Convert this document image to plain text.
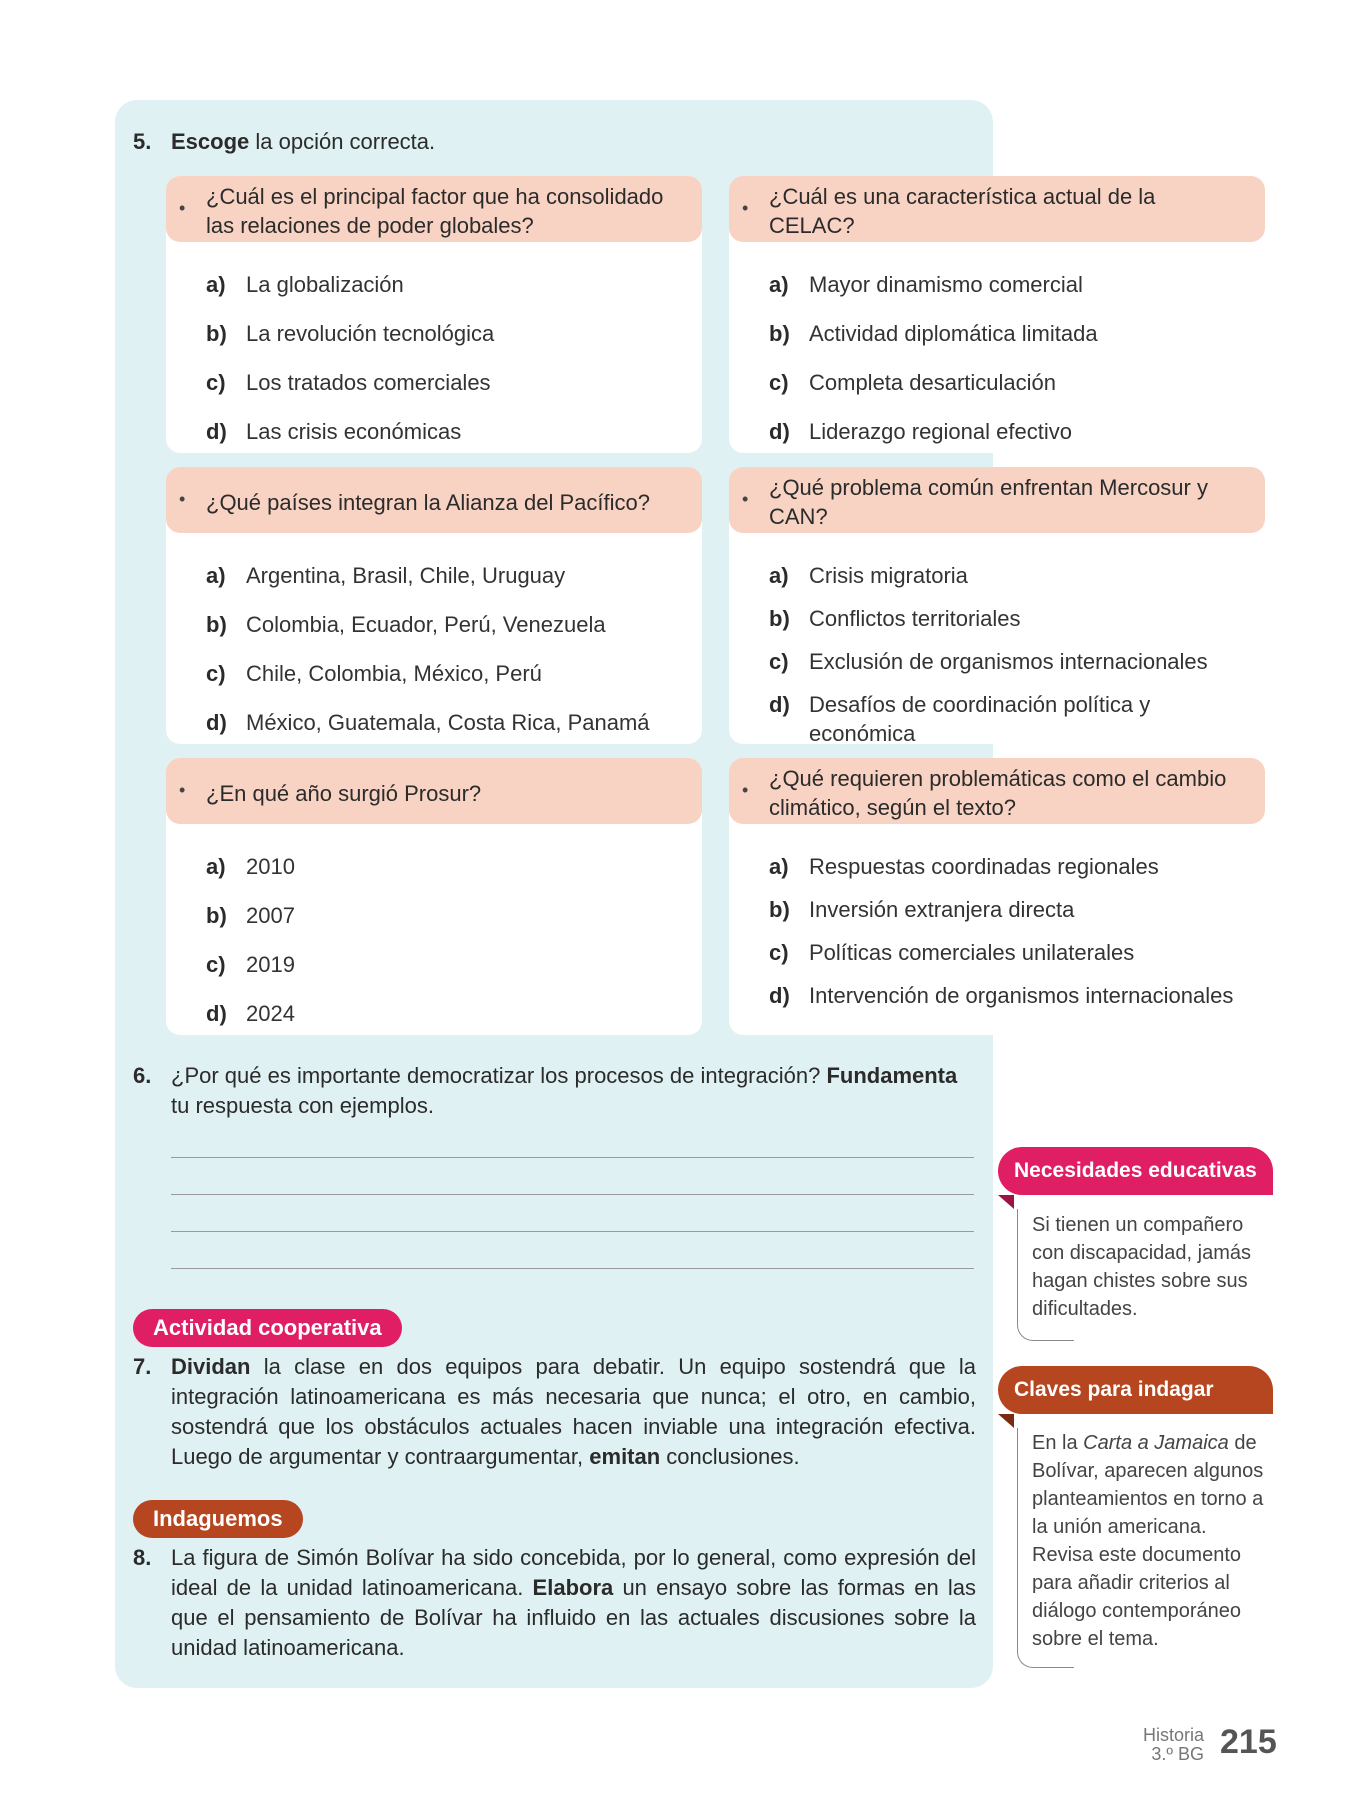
5. Escoge la opción correcta.
• ¿Cuál es el principal factor que ha consolidado las relaciones de poder globales?
a) La globalización
b) La revolución tecnológica
c) Los tratados comerciales
d) Las crisis económicas
• ¿Cuál es una característica actual de la CELAC?
a) Mayor dinamismo comercial
b) Actividad diplomática limitada
c) Completa desarticulación
d) Liderazgo regional efectivo
• ¿Qué países integran la Alianza del Pacífico?
a) Argentina, Brasil, Chile, Uruguay
b) Colombia, Ecuador, Perú, Venezuela
c) Chile, Colombia, México, Perú
d) México, Guatemala, Costa Rica, Panamá
• ¿Qué problema común enfrentan Mercosur y CAN?
a) Crisis migratoria
b) Conflictos territoriales
c) Exclusión de organismos internacionales
d) Desafíos de coordinación política y económica
• ¿En qué año surgió Prosur?
a) 2010
b) 2007
c) 2019
d) 2024
• ¿Qué requieren problemáticas como el cambio climático, según el texto?
a) Respuestas coordinadas regionales
b) Inversión extranjera directa
c) Políticas comerciales unilaterales
d) Intervención de organismos internacionales
6. ¿Por qué es importante democratizar los procesos de integración? Fundamenta tu respuesta con ejemplos.
Actividad cooperativa
7. Dividan la clase en dos equipos para debatir. Un equipo sostendrá que la integración latinoamericana es más necesaria que nunca; el otro, en cambio, sostendrá que los obstáculos actuales hacen inviable una integración efectiva. Luego de argumentar y contraargumentar, emitan conclusiones.
Indaguemos
8. La figura de Simón Bolívar ha sido concebida, por lo general, como expresión del ideal de la unidad latinoamericana. Elabora un ensayo sobre las formas en las que el pensamiento de Bolívar ha influido en las actuales discusiones sobre la unidad latinoamericana.
Necesidades educativas
Si tienen un compañero con discapacidad, jamás hagan chistes sobre sus dificultades.
Claves para indagar
En la Carta a Jamaica de Bolívar, aparecen algunos planteamientos en torno a la unión americana. Revisa este documento para añadir criterios al diálogo contemporáneo sobre el tema.
Historia
3.º BG 215
